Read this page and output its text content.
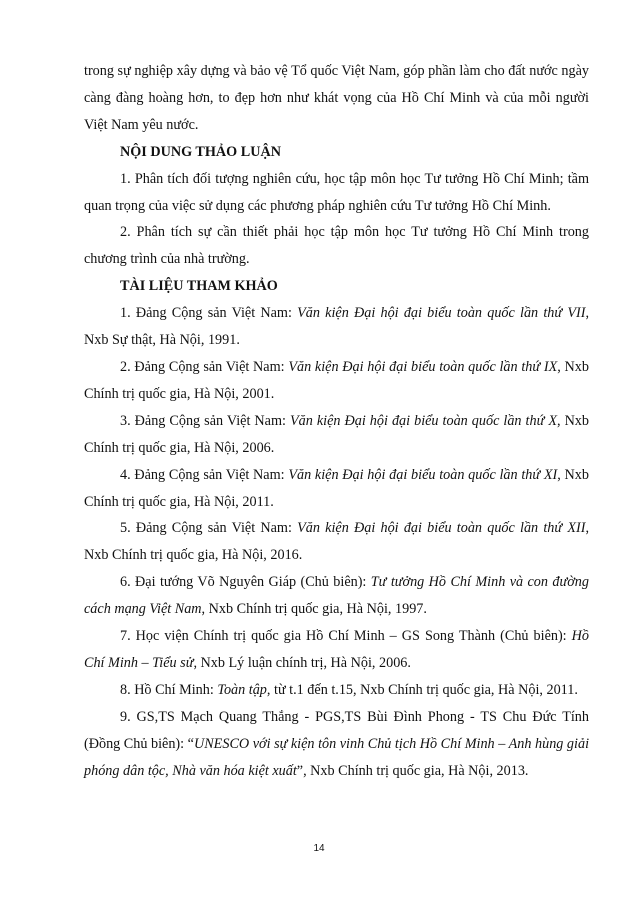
trong sự nghiệp xây dựng và bảo vệ Tổ quốc Việt Nam, góp phần làm cho đất nước ngày càng đàng hoàng hơn, to đẹp hơn như khát vọng của Hồ Chí Minh và của mỗi người Việt Nam yêu nước.

NỘI DUNG THẢO LUẬN

1. Phân tích đối tượng nghiên cứu, học tập môn học Tư tưởng Hồ Chí Minh; tầm quan trọng của việc sử dụng các phương pháp nghiên cứu Tư tưởng Hồ Chí Minh.

2. Phân tích sự cần thiết phải học tập môn học Tư tưởng Hồ Chí Minh trong chương trình của nhà trường.

TÀI LIỆU THAM KHẢO

1. Đảng Cộng sản Việt Nam: Văn kiện Đại hội đại biểu toàn quốc lần thứ VII, Nxb Sự thật, Hà Nội, 1991.

2. Đảng Cộng sản Việt Nam: Văn kiện Đại hội đại biểu toàn quốc lần thứ IX, Nxb Chính trị quốc gia, Hà Nội, 2001.

3. Đảng Cộng sản Việt Nam: Văn kiện Đại hội đại biểu toàn quốc lần thứ X, Nxb Chính trị quốc gia, Hà Nội, 2006.

4. Đảng Cộng sản Việt Nam: Văn kiện Đại hội đại biểu toàn quốc lần thứ XI, Nxb Chính trị quốc gia, Hà Nội, 2011.

5. Đảng Cộng sản Việt Nam: Văn kiện Đại hội đại biểu toàn quốc lần thứ XII, Nxb Chính trị quốc gia, Hà Nội, 2016.

6. Đại tướng Võ Nguyên Giáp (Chủ biên): Tư tưởng Hồ Chí Minh và con đường cách mạng Việt Nam, Nxb Chính trị quốc gia, Hà Nội, 1997.

7. Học viện Chính trị quốc gia Hồ Chí Minh – GS Song Thành (Chủ biên): Hồ Chí Minh – Tiểu sử, Nxb Lý luận chính trị, Hà Nội, 2006.

8. Hồ Chí Minh: Toàn tập, từ t.1 đến t.15, Nxb Chính trị quốc gia, Hà Nội, 2011.

9. GS,TS Mạch Quang Thắng - PGS,TS Bùi Đình Phong - TS Chu Đức Tính (Đồng Chủ biên): “UNESCO với sự kiện tôn vinh Chủ tịch Hồ Chí Minh – Anh hùng giải phóng dân tộc, Nhà văn hóa kiệt xuất”, Nxb Chính trị quốc gia, Hà Nội, 2013.

14
